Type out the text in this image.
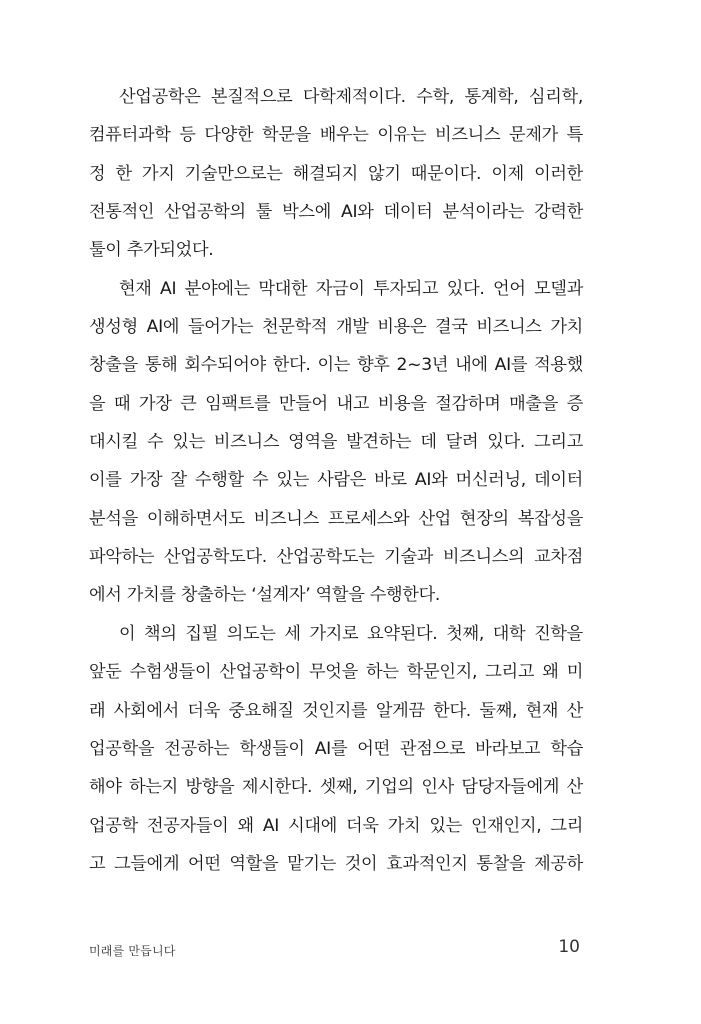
산업공학은 본질적으로 다학제적이다. 수학, 통계학, 심리학,
컴퓨터과학 등 다양한 학문을 배우는 이유는 비즈니스 문제가 특
정 한 가지 기술만으로는 해결되지 않기 때문이다. 이제 이러한
전통적인 산업공학의 툴 박스에 AI와 데이터 분석이라는 강력한
툴이 추가되었다.
현재 AI 분야에는 막대한 자금이 투자되고 있다. 언어 모델과
생성형 AI에 들어가는 천문학적 개발 비용은 결국 비즈니스 가치
창출을 통해 회수되어야 한다. 이는 향후 2~3년 내에 AI를 적용했
을 때 가장 큰 임팩트를 만들어 내고 비용을 절감하며 매출을 증
대시킬 수 있는 비즈니스 영역을 발견하는 데 달려 있다. 그리고
이를 가장 잘 수행할 수 있는 사람은 바로 AI와 머신러닝, 데이터
분석을 이해하면서도 비즈니스 프로세스와 산업 현장의 복잡성을
파악하는 산업공학도다. 산업공학도는 기술과 비즈니스의 교차점
에서 가치를 창출하는 ‘설계자’ 역할을 수행한다.
이 책의 집필 의도는 세 가지로 요약된다. 첫째, 대학 진학을
앞둔 수험생들이 산업공학이 무엇을 하는 학문인지, 그리고 왜 미
래 사회에서 더욱 중요해질 것인지를 알게끔 한다. 둘째, 현재 산
업공학을 전공하는 학생들이 AI를 어떤 관점으로 바라보고 학습
해야 하는지 방향을 제시한다. 셋째, 기업의 인사 담당자들에게 산
업공학 전공자들이 왜 AI 시대에 더욱 가치 있는 인재인지, 그리
고 그들에게 어떤 역할을 맡기는 것이 효과적인지 통찰을 제공하
미래를 만듭니다	10
